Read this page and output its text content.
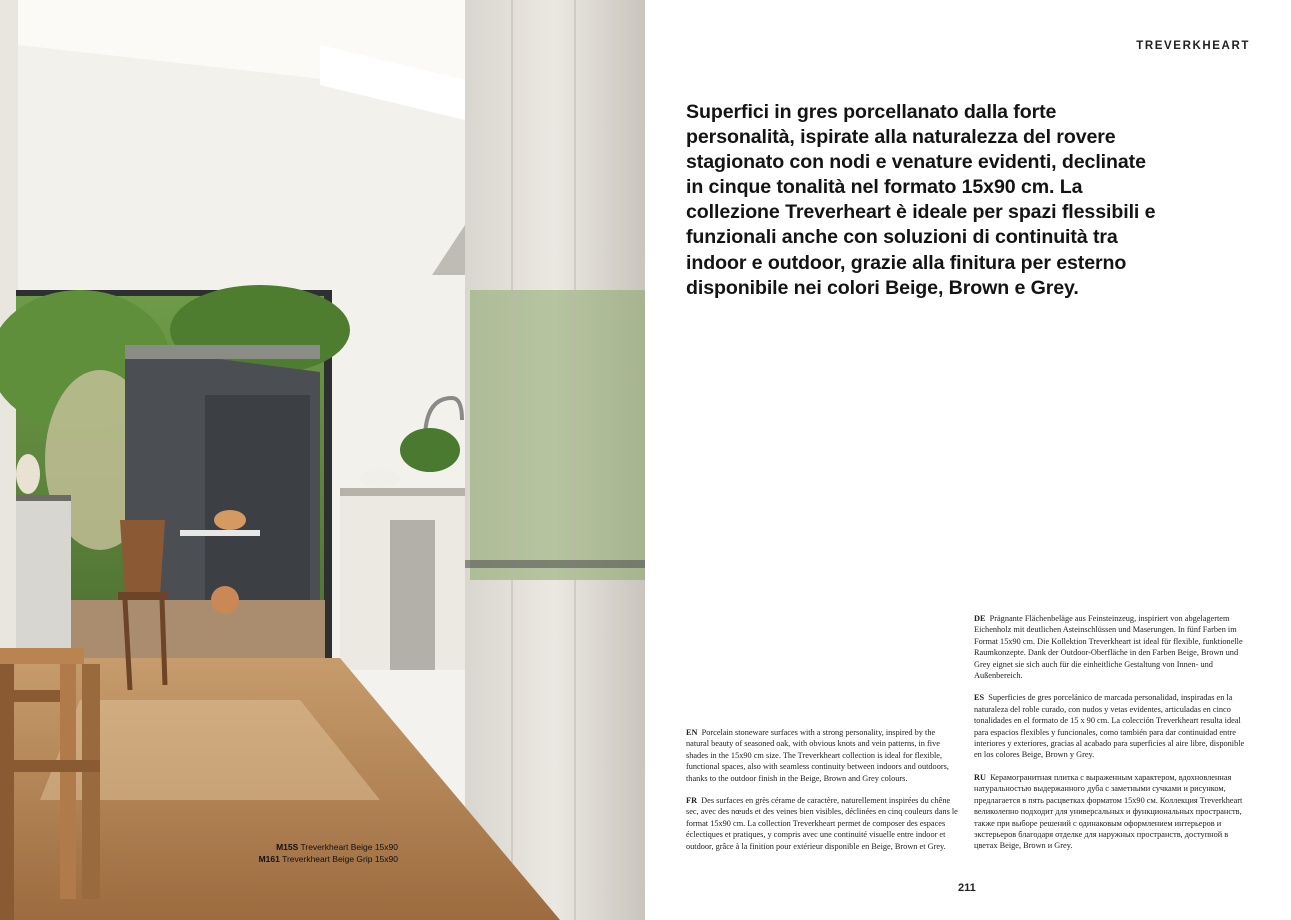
M15S Treverkheart Beige 15x90
M161 Treverkheart Beige Grip 15x90
TREVERKHEART
Superfici in gres porcellanato dalla forte personalità, ispirate alla naturalezza del rovere stagionato con nodi e venature evidenti, declinate in cinque tonalità nel formato 15x90 cm. La collezione Treverheart è ideale per spazi flessibili e funzionali anche con soluzioni di continuità tra indoor e outdoor, grazie alla finitura per esterno disponibile nei colori Beige, Brown e Grey.

EN Porcelain stoneware surfaces with a strong personality, inspired by the natural beauty of seasoned oak, with obvious knots and vein patterns, in five shades in the 15x90 cm size. The Treverkheart collection is ideal for flexible, functional spaces, also with seamless continuity between indoors and outdoors, thanks to the outdoor finish in the Beige, Brown and Grey colours.

FR Des surfaces en grès cérame de caractère, naturellement inspirées du chêne sec, avec des nœuds et des veines bien visibles, déclinées en cinq couleurs dans le format 15x90 cm. La collection Treverkheart permet de composer des espaces éclectiques et pratiques, y compris avec une continuité visuelle entre indoor et outdoor, grâce à la finition pour extérieur disponible en Beige, Brown et Grey.

DE Prägnante Flächenbeläge aus Feinsteinzeug, inspiriert von abgelagertem Eichenholz mit deutlichen Asteinschlüssen und Maserungen. In fünf Farben im Format 15x90 cm. Die Kollektion Treverkheart ist ideal für flexible, funktionelle Raumkonzepte. Dank der Outdoor-Oberfläche in den Farben Beige, Brown und Grey eignet sie sich auch für die einheitliche Gestaltung von Innen- und Außenbereich.

ES Superficies de gres porcelánico de marcada personalidad, inspiradas en la naturaleza del roble curado, con nudos y vetas evidentes, articuladas en cinco tonalidades en el formato de 15 x 90 cm. La colección Treverkheart resulta ideal para espacios flexibles y funcionales, como también para dar continuidad entre interiores y exteriores, gracias al acabado para superficies al aire libre, disponible en los colores Beige, Brown y Grey.

RU Керамогранитная плитка с выраженным характером, вдохновленная натуральностью выдержанного дуба с заметными сучками и рисунком, предлагается в пять расцветках форматом 15x90 см. Коллекция Treverkheart великолепно подходит для универсальных и функциональных пространств, также при выборе решений с одинаковым оформлением интерьеров и экстерьеров благодаря отделке для наружных пространств, доступной в цветах Beige, Brown и Grey.

211
